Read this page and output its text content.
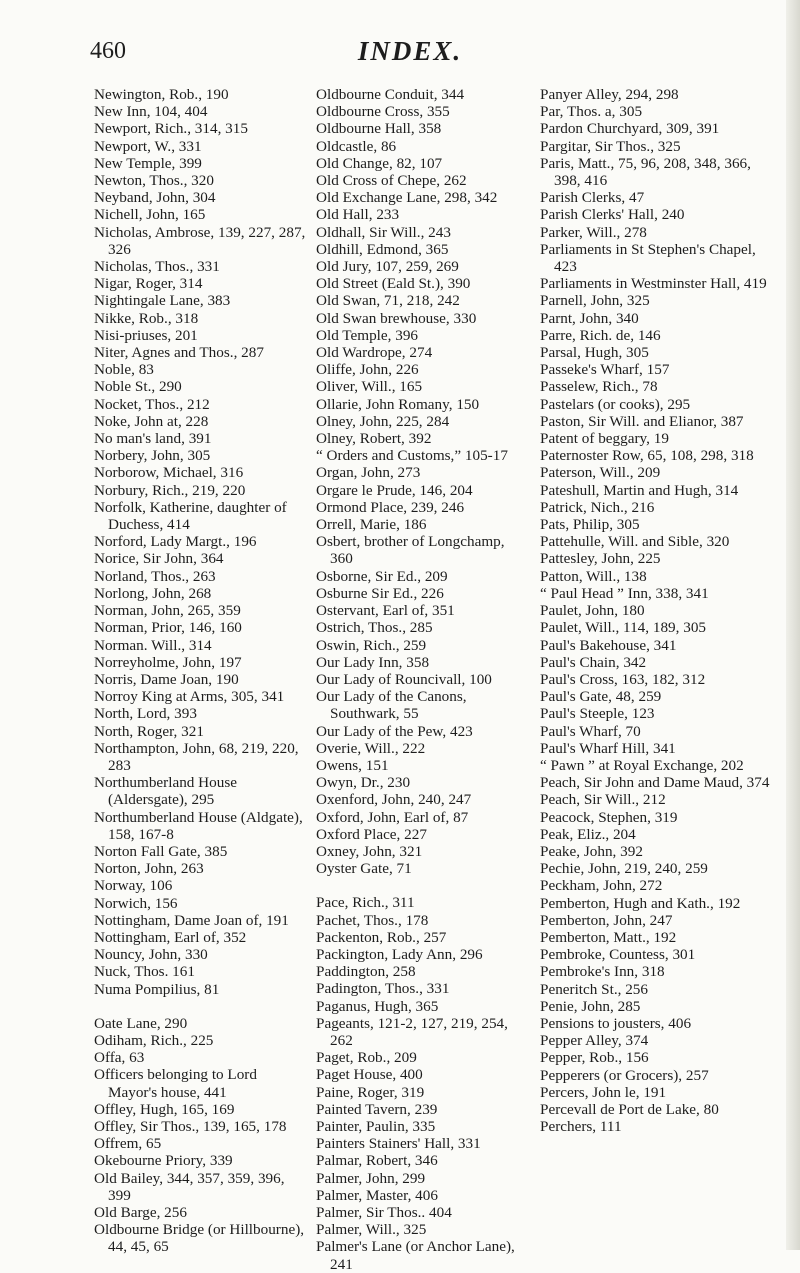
460	INDEX.

Newington, Rob., 190

New Inn, 104, 404

Newport, Rich., 314, 315

Newport, W., 331

New Temple, 399

Newton, Thos., 320

Neyband, John, 304

Nichell, John, 165

Nicholas, Ambrose, 139, 227, 287, 326

Nicholas, Thos., 331

Nigar, Roger, 314

Nightingale Lane, 383

Nikke, Rob., 318

Nisi-priuses, 201

Niter, Agnes and Thos., 287

Noble, 83

Noble St., 290

Nocket, Thos., 212

Noke, John at, 228

No man's land, 391

Norbery, John, 305

Norborow, Michael, 316

Norbury, Rich., 219, 220

Norfolk, Katherine, daughter of Duchess, 414

Norford, Lady Margt., 196

Norice, Sir John, 364

Norland, Thos., 263

Norlong, John, 268

Norman, John, 265, 359

Norman, Prior, 146, 160

Norman. Will., 314

Norreyholme, John, 197

Norris, Dame Joan, 190

Norroy King at Arms, 305, 341

North, Lord, 393

North, Roger, 321

Northampton, John, 68, 219, 220, 283

Northumberland House (Aldersgate), 295

Northumberland House (Aldgate), 158, 167-8

Norton Fall Gate, 385

Norton, John, 263

Norway, 106

Norwich, 156

Nottingham, Dame Joan of, 191

Nottingham, Earl of, 352

Nouncy, John, 330

Nuck, Thos. 161

Numa Pompilius, 81

Oate Lane, 290

Odiham, Rich., 225

Offa, 63

Officers belonging to Lord Mayor's house, 441

Offley, Hugh, 165, 169

Offley, Sir Thos., 139, 165, 178

Offrem, 65

Okebourne Priory, 339

Old Bailey, 344, 357, 359, 396, 399

Old Barge, 256

Oldbourne Bridge (or Hillbourne), 44, 45, 65

Oldbourne Conduit, 344

Oldbourne Cross, 355

Oldbourne Hall, 358

Oldcastle, 86

Old Change, 82, 107

Old Cross of Chepe, 262

Old Exchange Lane, 298, 342

Old Hall, 233

Oldhall, Sir Will., 243

Oldhill, Edmond, 365

Old Jury, 107, 259, 269

Old Street (Eald St.), 390

Old Swan, 71, 218, 242

Old Swan brewhouse, 330

Old Temple, 396

Old Wardrope, 274

Oliffe, John, 226

Oliver, Will., 165

Ollarie, John Romany, 150

Olney, John, 225, 284

Olney, Robert, 392

“ Orders and Customs,” 105-17

Organ, John, 273

Orgare le Prude, 146, 204

Ormond Place, 239, 246

Orrell, Marie, 186

Osbert, brother of Longchamp, 360

Osborne, Sir Ed., 209

Osburne Sir Ed., 226

Ostervant, Earl of, 351

Ostrich, Thos., 285

Oswin, Rich., 259

Our Lady Inn, 358

Our Lady of Rouncivall, 100

Our Lady of the Canons, Southwark, 55

Our Lady of the Pew, 423

Overie, Will., 222

Owens, 151

Owyn, Dr., 230

Oxenford, John, 240, 247

Oxford, John, Earl of, 87

Oxford Place, 227

Oxney, John, 321

Oyster Gate, 71

Pace, Rich., 311

Pachet, Thos., 178

Packenton, Rob., 257

Packington, Lady Ann, 296

Paddington, 258

Padington, Thos., 331

Paganus, Hugh, 365

Pageants, 121-2, 127, 219, 254, 262

Paget, Rob., 209

Paget House, 400

Paine, Roger, 319

Painted Tavern, 239

Painter, Paulin, 335

Painters Stainers' Hall, 331

Palmar, Robert, 346

Palmer, John, 299

Palmer, Master, 406

Palmer, Sir Thos.. 404

Palmer, Will., 325

Palmer's Lane (or Anchor Lane), 241

Panyer Alley, 294, 298

Par, Thos. a, 305

Pardon Churchyard, 309, 391

Pargitar, Sir Thos., 325

Paris, Matt., 75, 96, 208, 348, 366, 398, 416

Parish Clerks, 47

Parish Clerks' Hall, 240

Parker, Will., 278

Parliaments in St Stephen's Chapel, 423

Parliaments in Westminster Hall, 419

Parnell, John, 325

Parnt, John, 340

Parre, Rich. de, 146

Parsal, Hugh, 305

Passeke's Wharf, 157

Passelew, Rich., 78

Pastelars (or cooks), 295

Paston, Sir Will. and Elianor, 387

Patent of beggary, 19

Paternoster Row, 65, 108, 298, 318

Paterson, Will., 209

Pateshull, Martin and Hugh, 314

Patrick, Nich., 216

Pats, Philip, 305

Pattehulle, Will. and Sible, 320

Pattesley, John, 225

Patton, Will., 138

“ Paul Head ” Inn, 338, 341

Paulet, John, 180

Paulet, Will., 114, 189, 305

Paul's Bakehouse, 341

Paul's Chain, 342

Paul's Cross, 163, 182, 312

Paul's Gate, 48, 259

Paul's Steeple, 123

Paul's Wharf, 70

Paul's Wharf Hill, 341

“ Pawn ” at Royal Exchange, 202

Peach, Sir John and Dame Maud, 374

Peach, Sir Will., 212

Peacock, Stephen, 319

Peak, Eliz., 204

Peake, John, 392

Pechie, John, 219, 240, 259

Peckham, John, 272

Pemberton, Hugh and Kath., 192

Pemberton, John, 247

Pemberton, Matt., 192

Pembroke, Countess, 301

Pembroke's Inn, 318

Peneritch St., 256

Penie, John, 285

Pensions to jousters, 406

Pepper Alley, 374

Pepper, Rob., 156

Pepperers (or Grocers), 257

Percers, John le, 191

Percevall de Port de Lake, 80

Perchers, 111
